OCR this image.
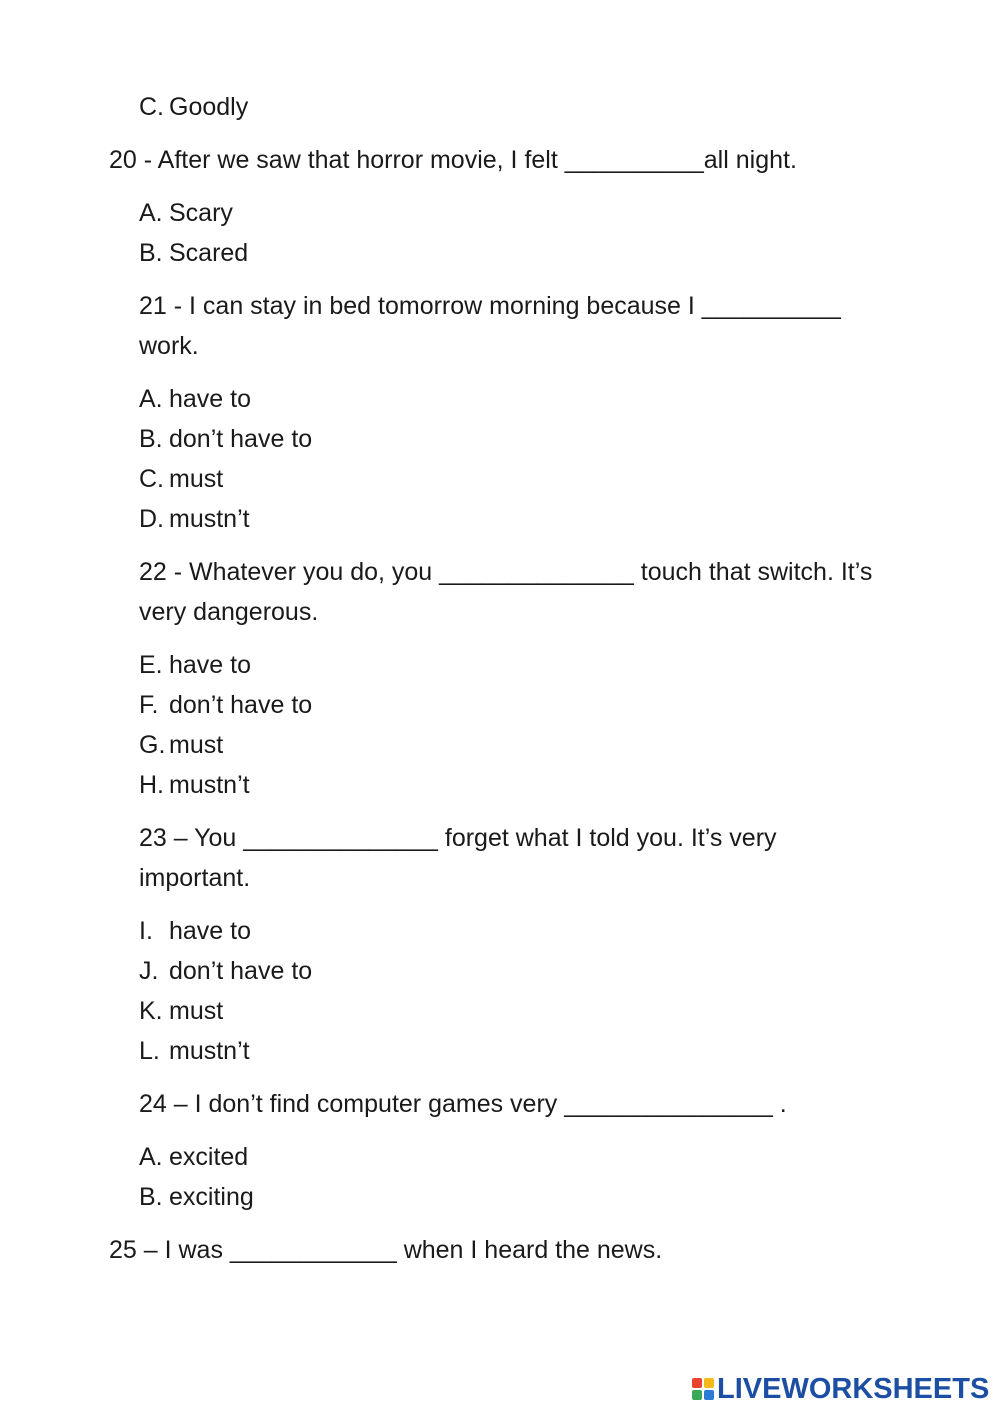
C. Goodly
20 - After we saw that horror movie, I felt __________all night.
A. Scary
B. Scared
21 - I can stay in bed tomorrow morning because I __________
work.
A. have to
B. don’t have to
C. must
D. mustn’t
22 - Whatever you do, you ______________ touch that switch. It’s
very dangerous.
E. have to
F. don’t have to
G. must
H. mustn’t
23 – You ______________ forget what I told you. It’s very
important.
I. have to
J. don’t have to
K. must
L. mustn’t
24 – I don’t find computer games very _______________ .
A. excited
B. exciting
25 – I was ____________ when I heard the news.
LIVEWORKSHEETS
